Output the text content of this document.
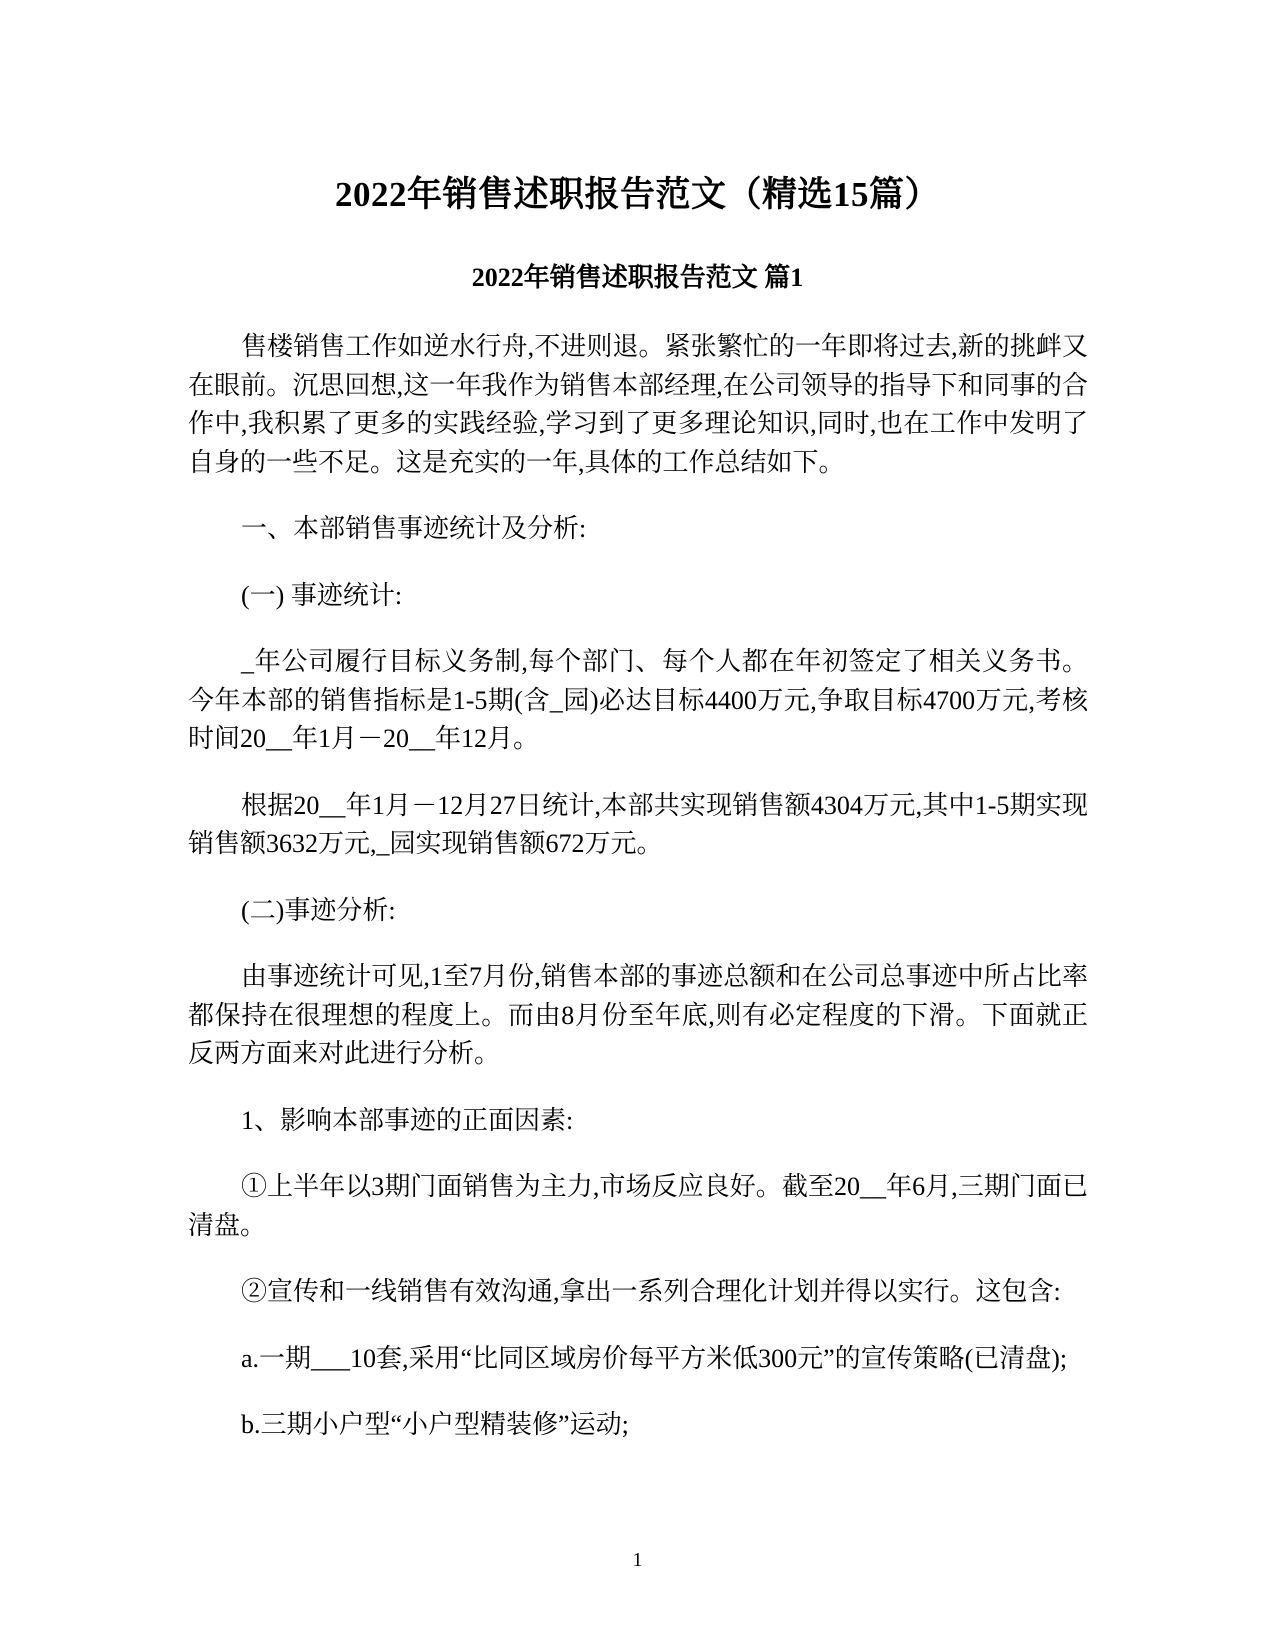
2022年销售述职报告范文（精选15篇）
2022年销售述职报告范文 篇1

售楼销售工作如逆水行舟,不进则退。紧张繁忙的一年即将过去,新的挑衅又在眼前。沉思回想,这一年我作为销售本部经理,在公司领导的指导下和同事的合作中,我积累了更多的实践经验,学习到了更多理论知识,同时,也在工作中发明了自身的一些不足。这是充实的一年,具体的工作总结如下。

一、本部销售事迹统计及分析:

(一) 事迹统计:

_年公司履行目标义务制,每个部门、每个人都在年初签定了相关义务书。今年本部的销售指标是1-5期(含_园)必达目标4400万元,争取目标4700万元,考核时间20__年1月－20__年12月。

根据20__年1月－12月27日统计,本部共实现销售额4304万元,其中1-5期实现销售额3632万元,_园实现销售额672万元。

(二)事迹分析:

由事迹统计可见,1至7月份,销售本部的事迹总额和在公司总事迹中所占比率都保持在很理想的程度上。而由8月份至年底,则有必定程度的下滑。下面就正反两方面来对此进行分析。

1、影响本部事迹的正面因素:

①上半年以3期门面销售为主力,市场反应良好。截至20__年6月,三期门面已清盘。

②宣传和一线销售有效沟通,拿出一系列合理化计划并得以实行。这包含:

a.一期___10套,采用“比同区域房价每平方米低300元”的宣传策略(已清盘);

b.三期小户型“小户型精装修”运动;

1
